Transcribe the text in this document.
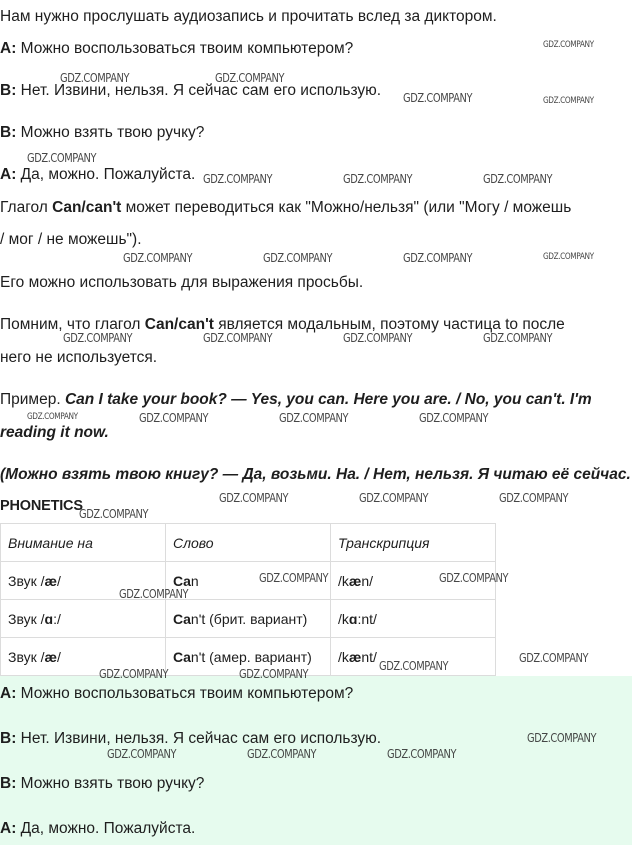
Нам нужно прослушать аудиозапись и прочитать вслед за диктором.
A: Можно воспользоваться твоим компьютером?
B: Нет. Извини, нельзя. Я сейчас сам его использую.
B: Можно взять твою ручку?
A: Да, можно. Пожалуйста.
Глагол Can/can't может переводиться как "Можно/нельзя" (или "Могу / можешь
/ мог / не можешь").
Его можно использовать для выражения просьбы.
Помним, что глагол Can/can't является модальным, поэтому частица to после
него не используется.
Пример. Can I take your book? — Yes, you can. Here you are. / No, you can't. I'm
reading it now.
(Можно взять твою книгу? — Да, возьми. На. / Нет, нельзя. Я читаю её сейчас.
PHONETICS
Внимание на	Слово	Транскрипция
Звук /æ/	Can	/kæn/
Звук /ɑ:/	Can't (брит. вариант)	/kɑ:nt/
Звук /æ/	Can't (амер. вариант)	/kænt/
A: Можно воспользоваться твоим компьютером?
B: Нет. Извини, нельзя. Я сейчас сам его использую.
B: Можно взять твою ручку?
A: Да, можно. Пожалуйста.
GDZ.COMPANY
GDZ.COMPANY	GDZ.COMPANY
GDZ.COMPANY	GDZ.COMPANY
GDZ.COMPANY
GDZ.COMPANY	GDZ.COMPANY	GDZ.COMPANY
GDZ.COMPANY	GDZ.COMPANY	GDZ.COMPANY	GDZ.COMPANY
GDZ.COMPANY	GDZ.COMPANY	GDZ.COMPANY	GDZ.COMPANY
GDZ.COMPANY	GDZ.COMPANY	GDZ.COMPANY	GDZ.COMPANY
GDZ.COMPANY	GDZ.COMPANY	GDZ.COMPANY
GDZ.COMPANY
GDZ.COMPANY	GDZ.COMPANY
GDZ.COMPANY
GDZ.COMPANY
GDZ.COMPANY
GDZ.COMPANY	GDZ.COMPANY
GDZ.COMPANY
GDZ.COMPANY	GDZ.COMPANY	GDZ.COMPANY
